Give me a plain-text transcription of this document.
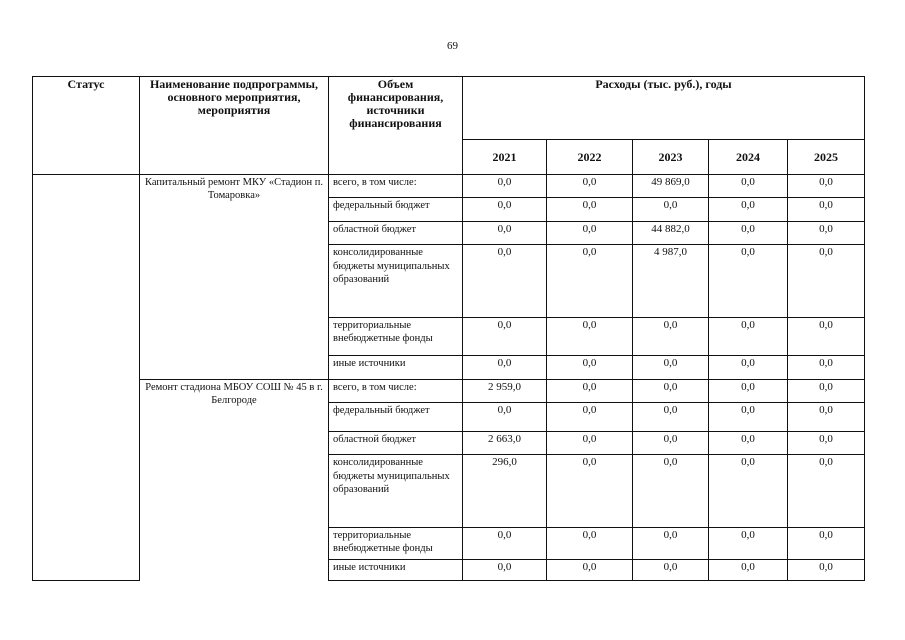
69
Статус	Наименование подпрограммы, основного мероприятия, мероприятия	Объем финансирования, источники финансирования	Расходы (тыс. руб.), годы				
			2021	2022	2023	2024	2025
	Капитальный ремонт МКУ «Стадион п. Томаровка»	всего, в том числе:	0,0	0,0	49 869,0	0,0	0,0
		федеральный бюджет	0,0	0,0	0,0	0,0	0,0
		областной бюджет	0,0	0,0	44 882,0	0,0	0,0
		консолидированные бюджеты муниципальных образований	0,0	0,0	4 987,0	0,0	0,0
		территориальные внебюджетные фонды	0,0	0,0	0,0	0,0	0,0
		иные источники	0,0	0,0	0,0	0,0	0,0
	Ремонт стадиона МБОУ СОШ № 45 в г. Белгороде	всего, в том числе:	2 959,0	0,0	0,0	0,0	0,0
		федеральный бюджет	0,0	0,0	0,0	0,0	0,0
		областной бюджет	2 663,0	0,0	0,0	0,0	0,0
		консолидированные бюджеты муниципальных образований	296,0	0,0	0,0	0,0	0,0
		территориальные внебюджетные фонды	0,0	0,0	0,0	0,0	0,0
		иные источники	0,0	0,0	0,0	0,0	0,0
